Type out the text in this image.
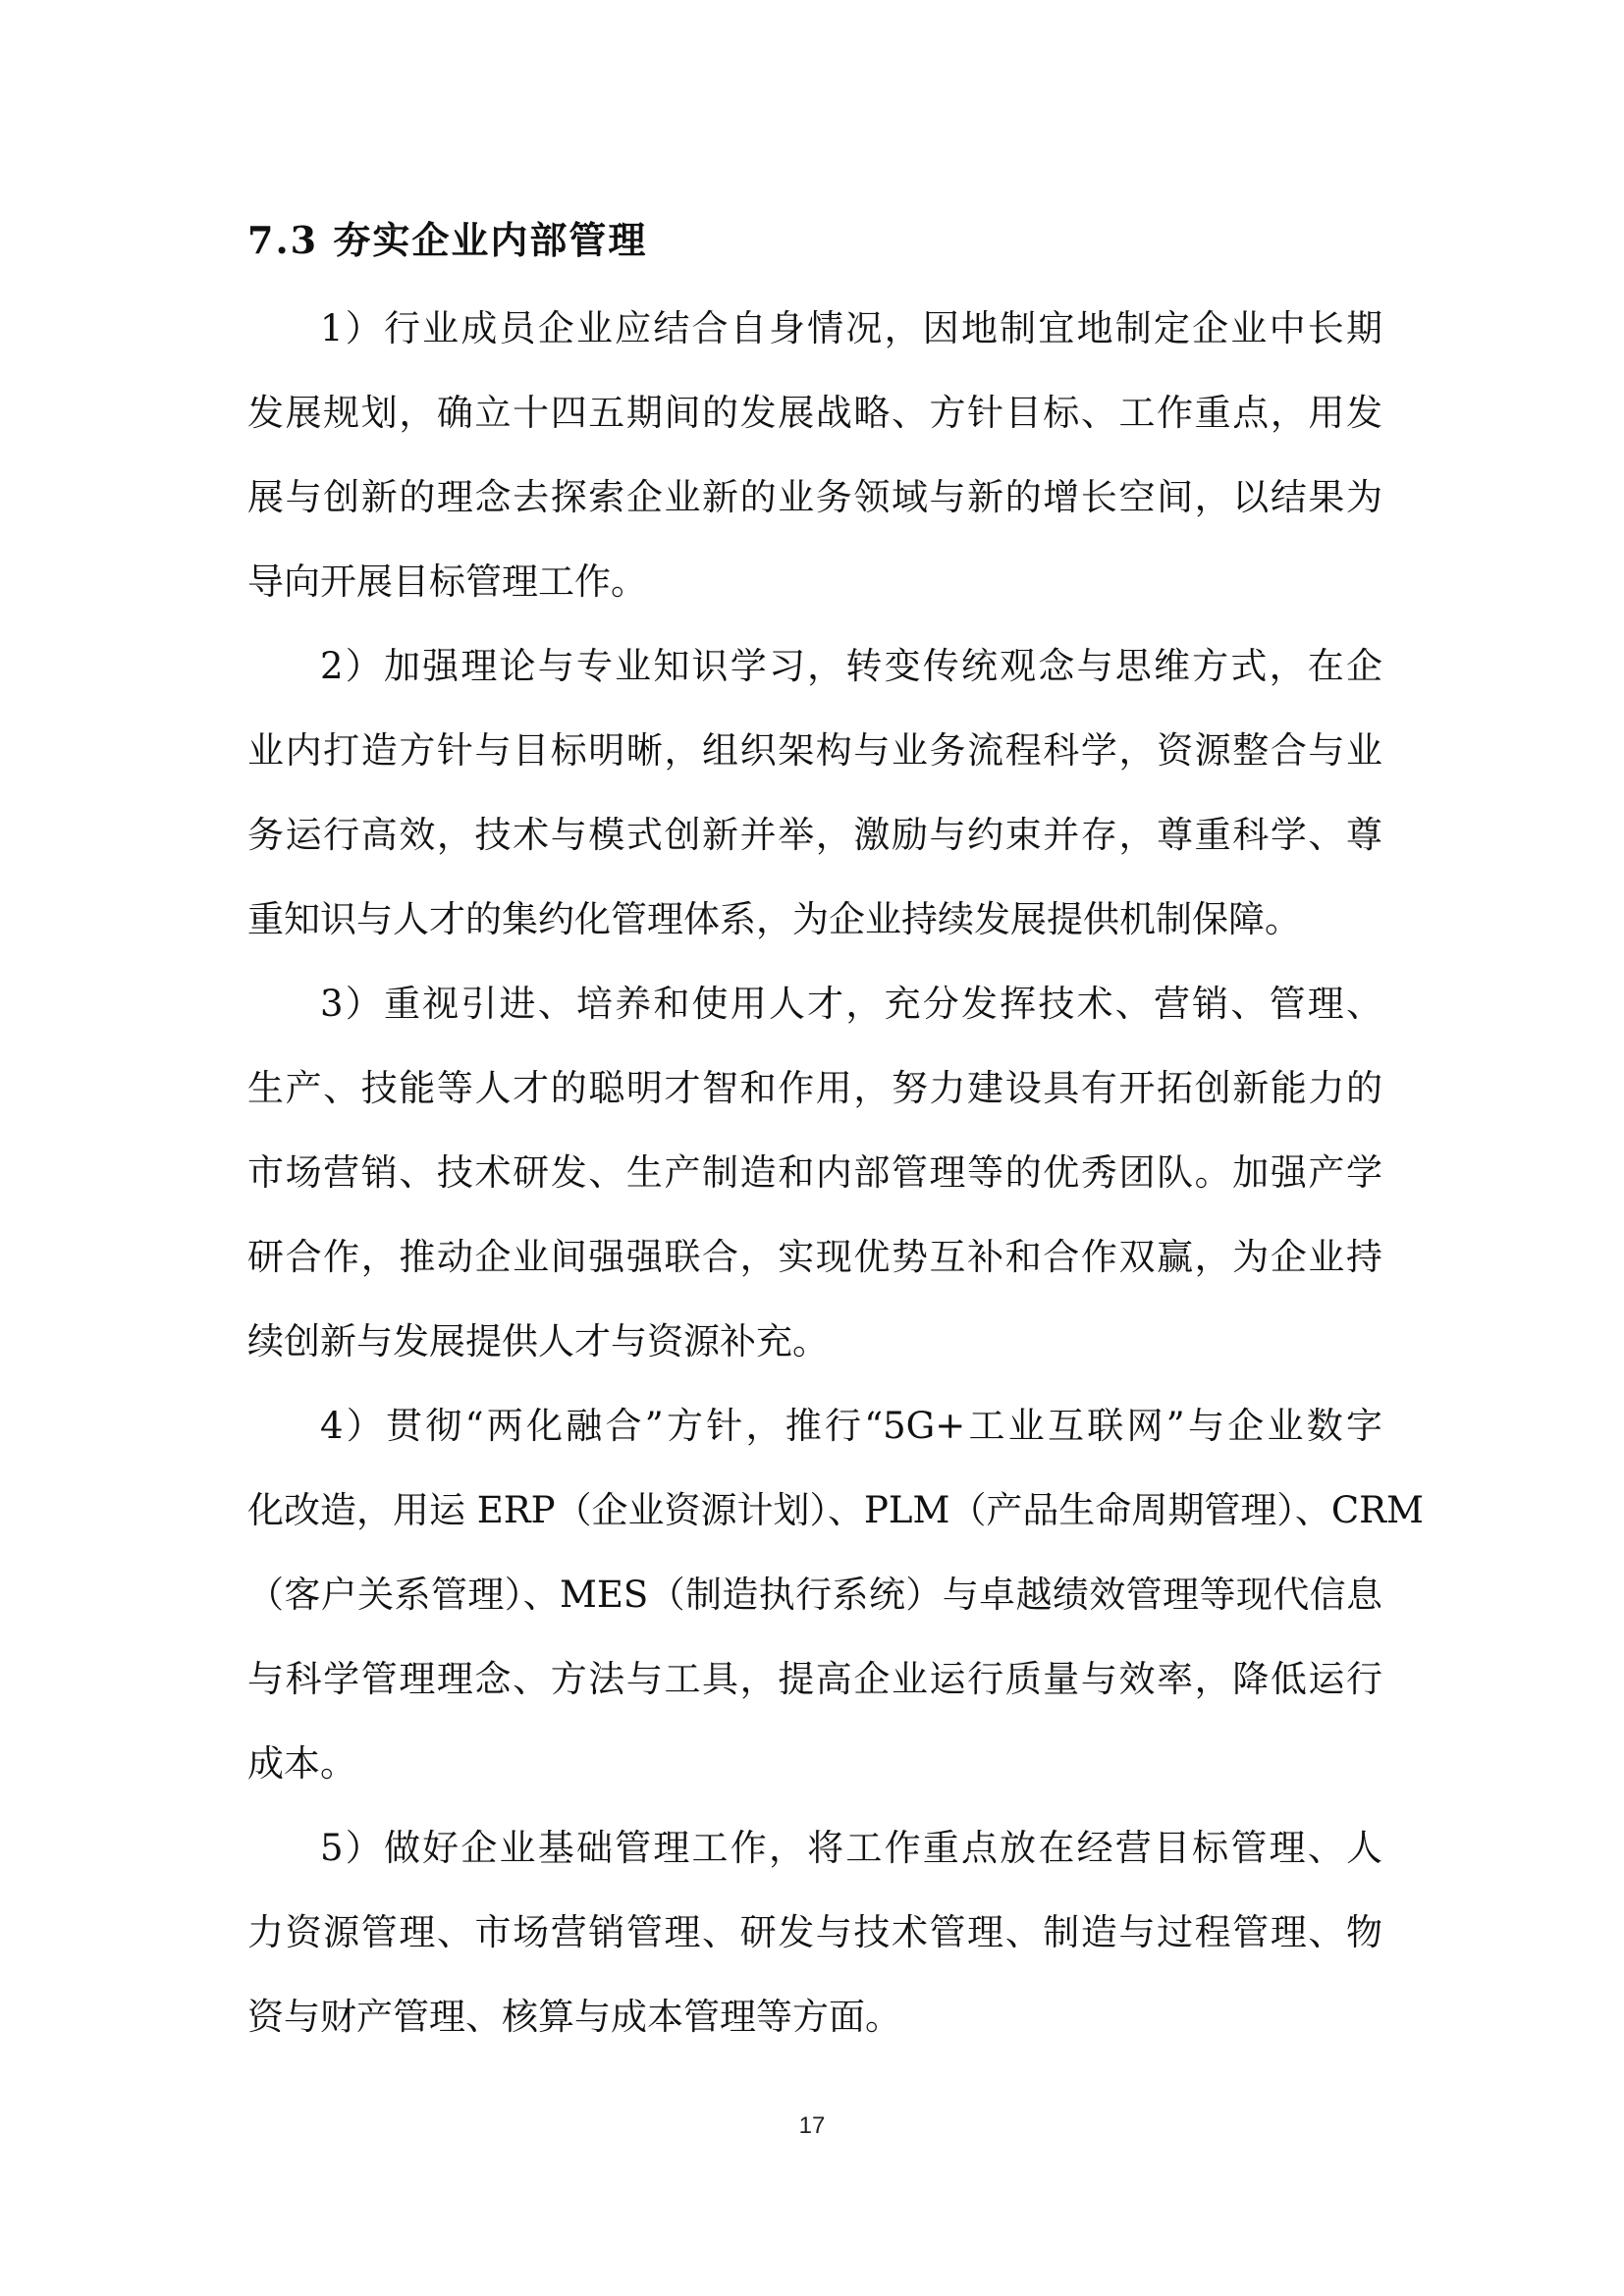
7.3 夯实企业内部管理
1）行业成员企业应结合自身情况，因地制宜地制定企业中长期
发展规划，确立十四五期间的发展战略、方针目标、工作重点，用发
展与创新的理念去探索企业新的业务领域与新的增长空间，以结果为
导向开展目标管理工作。
2）加强理论与专业知识学习，转变传统观念与思维方式，在企
业内打造方针与目标明晰，组织架构与业务流程科学，资源整合与业
务运行高效，技术与模式创新并举，激励与约束并存，尊重科学、尊
重知识与人才的集约化管理体系，为企业持续发展提供机制保障。
3）重视引进、培养和使用人才，充分发挥技术、营销、管理、
生产、技能等人才的聪明才智和作用，努力建设具有开拓创新能力的
市场营销、技术研发、生产制造和内部管理等的优秀团队。加强产学
研合作，推动企业间强强联合，实现优势互补和合作双赢，为企业持
续创新与发展提供人才与资源补充。
4）贯彻“两化融合”方针，推行“5G+工业互联网”与企业数字
化改造，用运 ERP（企业资源计划）、PLM（产品生命周期管理）、CRM
（客户关系管理）、MES（制造执行系统）与卓越绩效管理等现代信息
与科学管理理念、方法与工具，提高企业运行质量与效率，降低运行
成本。
5）做好企业基础管理工作，将工作重点放在经营目标管理、人
力资源管理、市场营销管理、研发与技术管理、制造与过程管理、物
资与财产管理、核算与成本管理等方面。
17
